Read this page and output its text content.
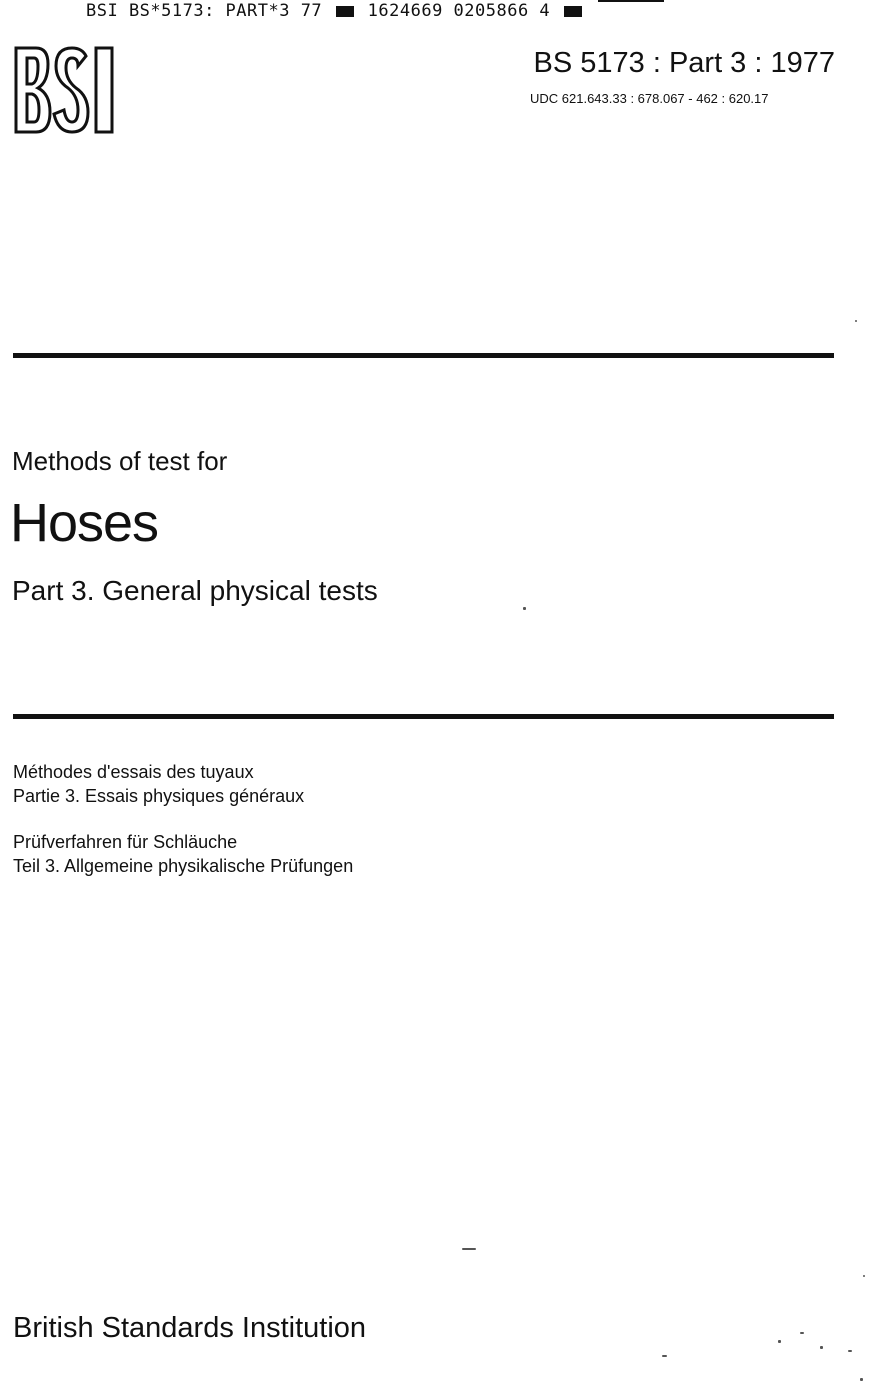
BSI BS*5173: PART*3 77	1624669 0205866 4
BS 5173 : Part 3 : 1977
UDC 621.643.33 : 678.067 - 462 : 620.17
Methods of test for
Hoses
Part 3. General physical tests
Méthodes d'essais des tuyaux
Partie 3. Essais physiques généraux
Prüfverfahren für Schläuche
Teil 3. Allgemeine physikalische Prüfungen
British Standards Institution
